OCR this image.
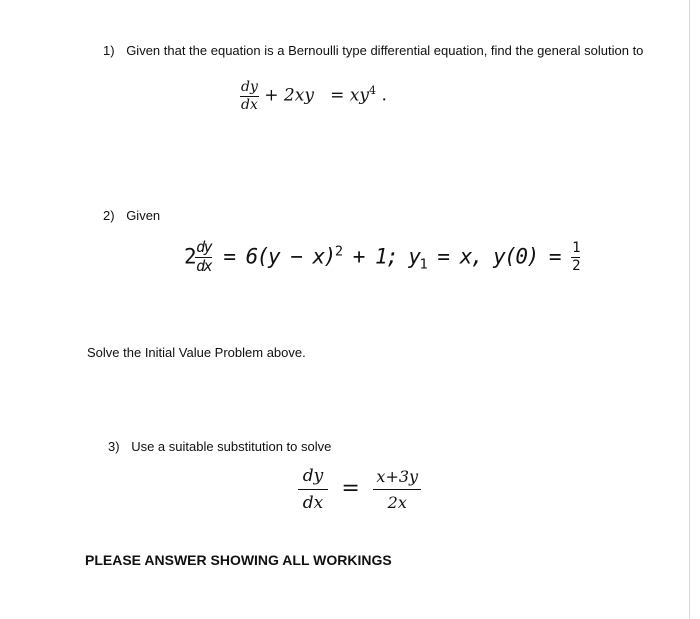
1) Given that the equation is a Bernoulli type differential equation, find the general solution to
$\frac{dy}{dx} + 2xy = xy^4$ .
2) Given
$2 \frac{dy}{dx} = 6(y - x)^2 + 1$; $y_1 = x$, $y(0) = \frac{1}{2}$
Solve the Initial Value Problem above.
3) Use a suitable substitution to solve
$\frac{dy}{dx} = \frac{x+3y}{2x}$
PLEASE ANSWER SHOWING ALL WORKINGS
